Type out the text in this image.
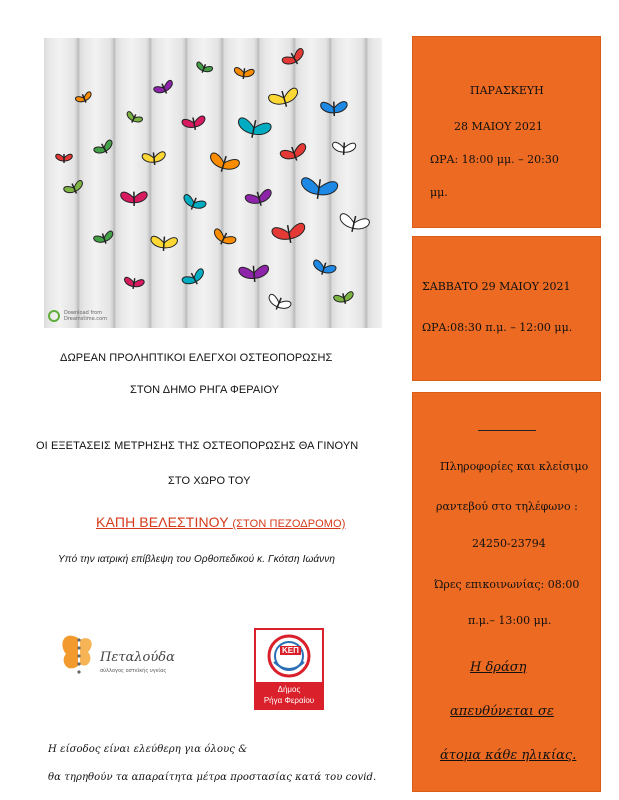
Download from
Dreamstime.com
ΠΑΡΑΣΚΕΥΗ
28 ΜΑΙΟΥ 2021
ΩΡΑ: 18:00 μμ. – 20:30
μμ.
ΣΑΒΒΑΤΟ 29 ΜΑΙΟΥ 2021
ΩΡΑ:08:30 π.μ. – 12:00 μμ.
Πληροφορίες και κλείσιμο
ραντεβού στο τηλέφωνο :
24250-23794
Ώρες επικοινωνίας: 08:00
π.μ.– 13:00 μμ.
Η δράση
απευθύνεται σε
άτομα κάθε ηλικίας.
ΔΩΡΕΑΝ ΠΡΟΛΗΠΤΙΚΟΙ ΕΛΕΓΧΟΙ ΟΣΤΕΟΠΟΡΩΣΗΣ
ΣΤΟΝ ΔΗΜΟ ΡΗΓΑ ΦΕΡΑΙΟΥ
ΟΙ ΕΞΕΤΑΣΕΙΣ ΜΕΤΡΗΣΗΣ ΤΗΣ ΟΣΤΕΟΠΟΡΩΣΗΣ ΘΑ ΓΙΝΟΥΝ
ΣΤΟ ΧΩΡΟ ΤΟΥ
ΚΑΠΗ ΒΕΛΕΣΤΙΝΟΥ (ΣΤΟΝ ΠΕΖΟΔΡΟΜΟ)
Υπό την ιατρική επίβλεψη του Ορθοπεδικού κ. Γκότση Ιωάννη
Πεταλούδα
σύλλογος οστεϊκής υγείας
ΚΕΠ
Δήμος
Ρήγα Φεραίου
Η είσοδος είναι ελεύθερη για όλους &
θα τηρηθούν τα απαραίτητα μέτρα προστασίας κατά του covid.
